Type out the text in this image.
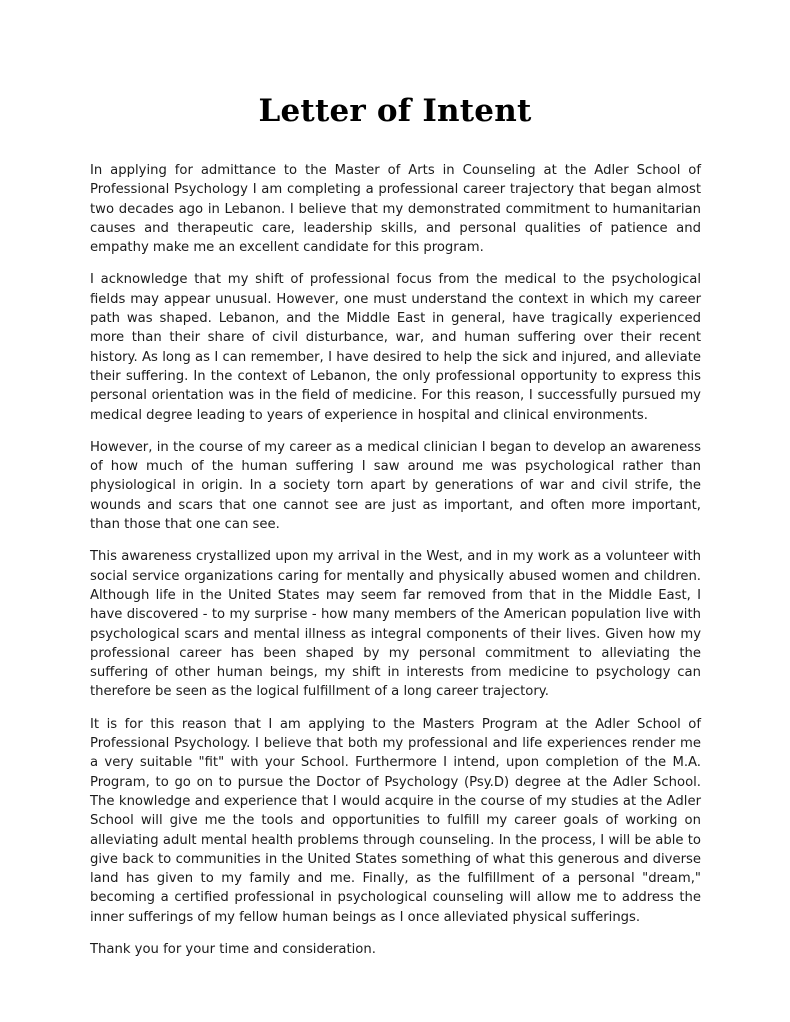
Letter of Intent

In applying for admittance to the Master of Arts in Counseling at the Adler School of Professional Psychology I am completing a professional career trajectory that began almost two decades ago in Lebanon. I believe that my demonstrated commitment to humanitarian causes and therapeutic care, leadership skills, and personal qualities of patience and empathy make me an excellent candidate for this program.

I acknowledge that my shift of professional focus from the medical to the psychological fields may appear unusual. However, one must understand the context in which my career path was shaped. Lebanon, and the Middle East in general, have tragically experienced more than their share of civil disturbance, war, and human suffering over their recent history. As long as I can remember, I have desired to help the sick and injured, and alleviate their suffering. In the context of Lebanon, the only professional opportunity to express this personal orientation was in the field of medicine. For this reason, I successfully pursued my medical degree leading to years of experience in hospital and clinical environments.

However, in the course of my career as a medical clinician I began to develop an awareness of how much of the human suffering I saw around me was psychological rather than physiological in origin. In a society torn apart by generations of war and civil strife, the wounds and scars that one cannot see are just as important, and often more important, than those that one can see.

This awareness crystallized upon my arrival in the West, and in my work as a volunteer with social service organizations caring for mentally and physically abused women and children. Although life in the United States may seem far removed from that in the Middle East, I have discovered - to my surprise - how many members of the American population live with psychological scars and mental illness as integral components of their lives. Given how my professional career has been shaped by my personal commitment to alleviating the suffering of other human beings, my shift in interests from medicine to psychology can therefore be seen as the logical fulfillment of a long career trajectory.

It is for this reason that I am applying to the Masters Program at the Adler School of Professional Psychology. I believe that both my professional and life experiences render me a very suitable "fit" with your School. Furthermore I intend, upon completion of the M.A. Program, to go on to pursue the Doctor of Psychology (Psy.D) degree at the Adler School. The knowledge and experience that I would acquire in the course of my studies at the Adler School will give me the tools and opportunities to fulfill my career goals of working on alleviating adult mental health problems through counseling. In the process, I will be able to give back to communities in the United States something of what this generous and diverse land has given to my family and me. Finally, as the fulfillment of a personal "dream," becoming a certified professional in psychological counseling will allow me to address the inner sufferings of my fellow human beings as I once alleviated physical sufferings.

Thank you for your time and consideration.
